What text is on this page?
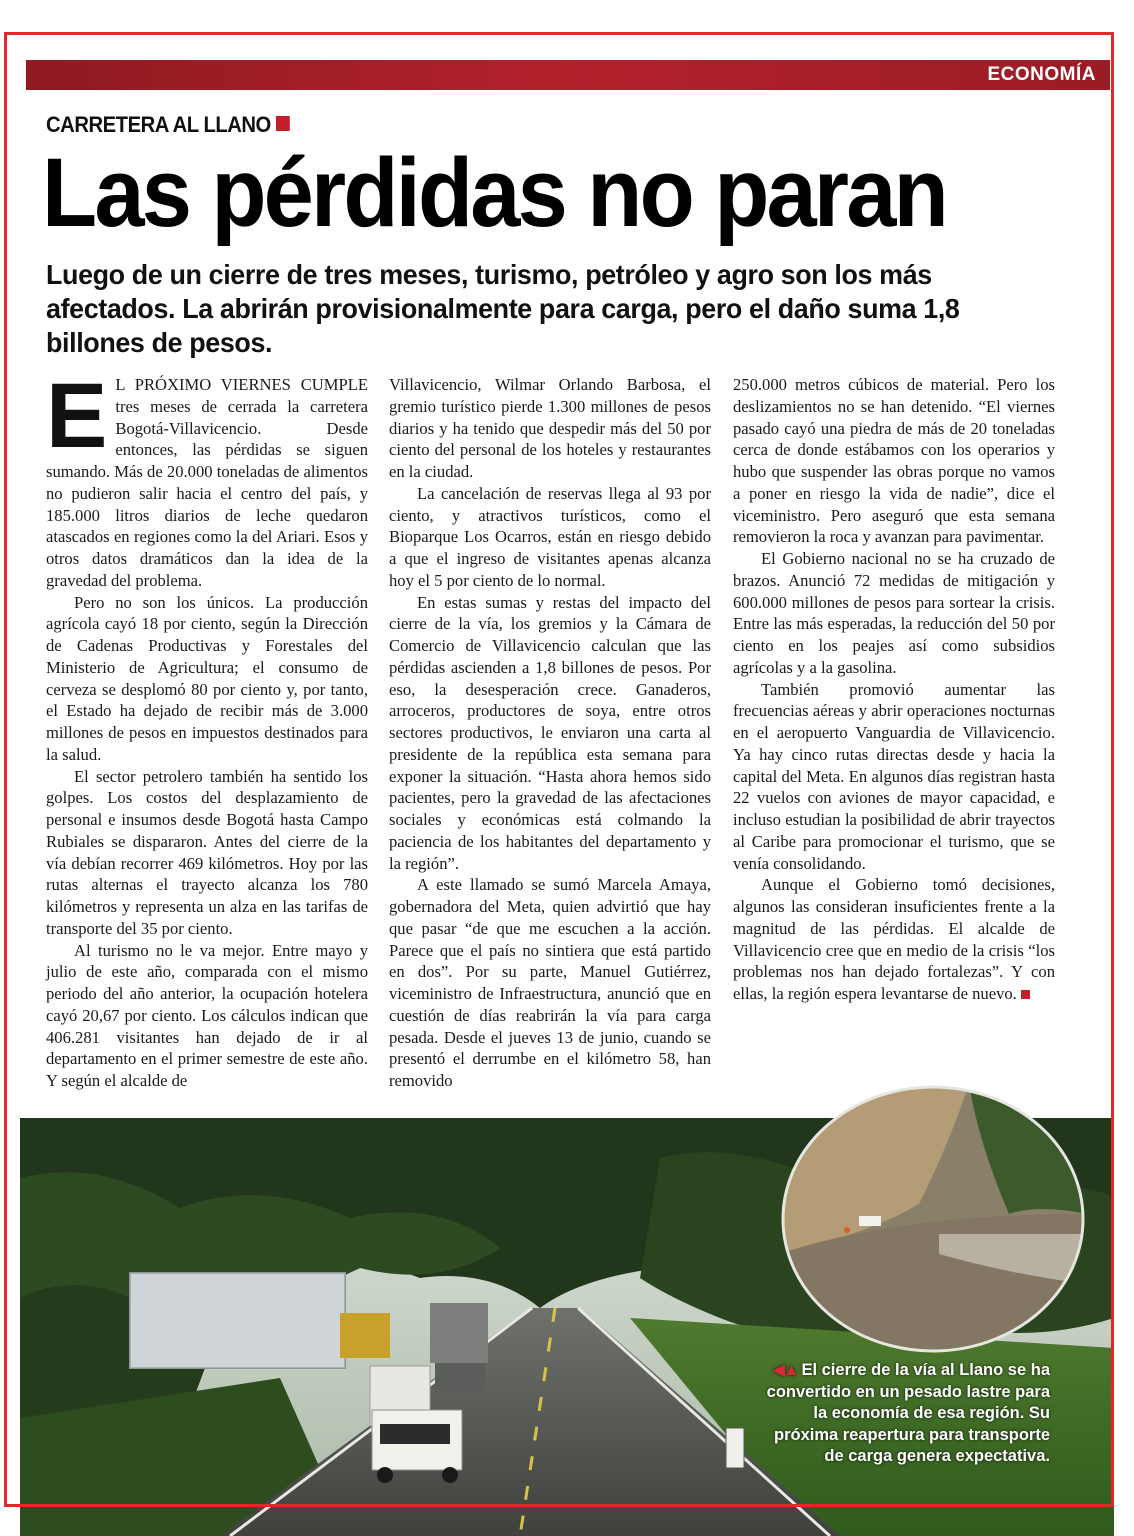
ECONOMÍA
CARRETERA AL LLANO
Las pérdidas no paran

Luego de un cierre de tres meses, turismo, petróleo y agro son los más afectados. La abrirán provisionalmente para carga, pero el daño suma 1,8 billones de pesos.

E L PRÓXIMO VIERNES CUMPLE tres meses de cerrada la carretera Bogotá-Villavicencio. Desde entonces, las pérdidas se siguen sumando. Más de 20.000 toneladas de alimentos no pudieron salir hacia el centro del país, y 185.000 litros diarios de leche quedaron atascados en regiones como la del Ariari. Esos y otros datos dramáticos dan la idea de la gravedad del problema.

Pero no son los únicos. La producción agrícola cayó 18 por ciento, según la Dirección de Cadenas Productivas y Forestales del Ministerio de Agricultura; el consumo de cerveza se desplomó 80 por ciento y, por tanto, el Estado ha dejado de recibir más de 3.000 millones de pesos en impuestos destinados para la salud.

El sector petrolero también ha sentido los golpes. Los costos del desplazamiento de personal e insumos desde Bogotá hasta Campo Rubiales se dispararon. Antes del cierre de la vía debían recorrer 469 kilómetros. Hoy por las rutas alternas el trayecto alcanza los 780 kilómetros y representa un alza en las tarifas de transporte del 35 por ciento.

Al turismo no le va mejor. Entre mayo y julio de este año, comparada con el mismo periodo del año anterior, la ocupación hotelera cayó 20,67 por ciento. Los cálculos indican que 406.281 visitantes han dejado de ir al departamento en el primer semestre de este año. Y según el alcalde de

Villavicencio, Wilmar Orlando Barbosa, el gremio turístico pierde 1.300 millones de pesos diarios y ha tenido que despedir más del 50 por ciento del personal de los hoteles y restaurantes en la ciudad.

La cancelación de reservas llega al 93 por ciento, y atractivos turísticos, como el Bioparque Los Ocarros, están en riesgo debido a que el ingreso de visitantes apenas alcanza hoy el 5 por ciento de lo normal.

En estas sumas y restas del impacto del cierre de la vía, los gremios y la Cámara de Comercio de Villavicencio calculan que las pérdidas ascienden a 1,8 billones de pesos. Por eso, la desesperación crece. Ganaderos, arroceros, productores de soya, entre otros sectores productivos, le enviaron una carta al presidente de la república esta semana para exponer la situación. “Hasta ahora hemos sido pacientes, pero la gravedad de las afectaciones sociales y económicas está colmando la paciencia de los habitantes del departamento y la región”.

A este llamado se sumó Marcela Amaya, gobernadora del Meta, quien advirtió que hay que pasar “de que me escuchen a la acción. Parece que el país no sintiera que está partido en dos”. Por su parte, Manuel Gutiérrez, viceministro de Infraestructura, anunció que en cuestión de días reabrirán la vía para carga pesada. Desde el jueves 13 de junio, cuando se presentó el derrumbe en el kilómetro 58, han removido

250.000 metros cúbicos de material. Pero los deslizamientos no se han detenido. “El viernes pasado cayó una piedra de más de 20 toneladas cerca de donde estábamos con los operarios y hubo que suspender las obras porque no vamos a poner en riesgo la vida de nadie”, dice el viceministro. Pero aseguró que esta semana removieron la roca y avanzan para pavimentar.

El Gobierno nacional no se ha cruzado de brazos. Anunció 72 medidas de mitigación y 600.000 millones de pesos para sortear la crisis. Entre las más esperadas, la reducción del 50 por ciento en los peajes así como subsidios agrícolas y a la gasolina.

También promovió aumentar las frecuencias aéreas y abrir operaciones nocturnas en el aeropuerto Vanguardia de Villavicencio. Ya hay cinco rutas directas desde y hacia la capital del Meta. En algunos días registran hasta 22 vuelos con aviones de mayor capacidad, e incluso estudian la posibilidad de abrir trayectos al Caribe para promocionar el turismo, que se venía consolidando.

Aunque el Gobierno tomó decisiones, algunos las consideran insuficientes frente a la magnitud de las pérdidas. El alcalde de Villavicencio cree que en medio de la crisis “los problemas nos han dejado fortalezas”. Y con ellas, la región espera levantarse de nuevo.

◀▲ El cierre de la vía al Llano se ha convertido en un pesado lastre para la economía de esa región. Su próxima reapertura para transporte de carga genera expectativa.
